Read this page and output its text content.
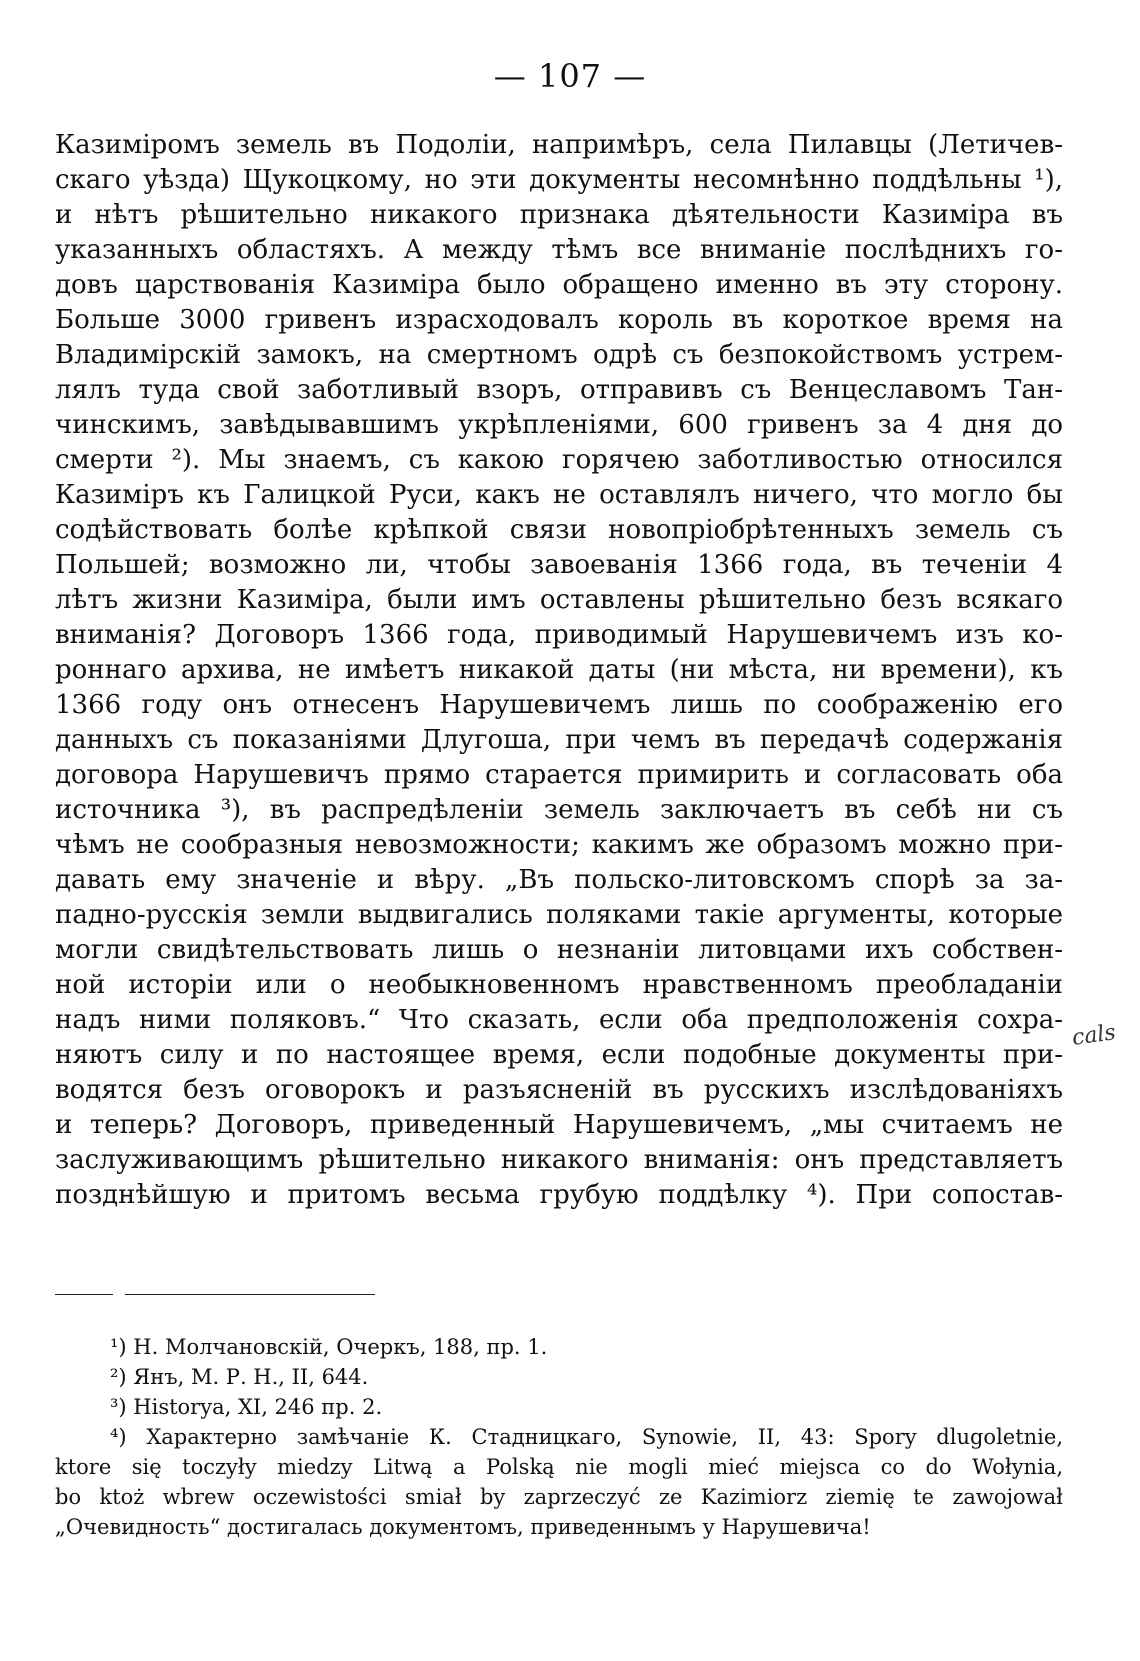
— 107 —
Казиміромъ земель въ Подоліи, напримѣръ, села Пилавцы (Летичев-
скаго уѣзда) Щукоцкому, но эти документы несомнѣнно поддѣльны ¹),
и нѣтъ рѣшительно никакого признака дѣятельности Казиміра въ
указанныхъ областяхъ. А между тѣмъ все вниманіе послѣднихъ го-
довъ царствованія Казиміра было обращено именно въ эту сторону.
Больше 3000 гривенъ израсходовалъ король въ короткое время на
Владимірскій замокъ, на смертномъ одрѣ съ безпокойствомъ устрем-
лялъ туда свой заботливый взоръ, отправивъ съ Венцеславомъ Тан-
чинскимъ, завѣдывавшимъ укрѣпленіями, 600 гривенъ за 4 дня до
смерти ²). Мы знаемъ, съ какою горячею заботливостью относился
Казиміръ къ Галицкой Руси, какъ не оставлялъ ничего, что могло бы
содѣйствовать болѣе крѣпкой связи новопріобрѣтенныхъ земель съ
Польшей; возможно ли, чтобы завоеванія 1366 года, въ теченіи 4
лѣтъ жизни Казиміра, были имъ оставлены рѣшительно безъ всякаго
вниманія? Договоръ 1366 года, приводимый Нарушевичемъ изъ ко-
роннаго архива, не имѣетъ никакой даты (ни мѣста, ни времени), къ
1366 году онъ отнесенъ Нарушевичемъ лишь по соображенію его
данныхъ съ показаніями Длугоша, при чемъ въ передачѣ содержанія
договора Нарушевичъ прямо старается примирить и согласовать оба
источника ³), въ распредѣленіи земель заключаетъ въ себѣ ни съ
чѣмъ не сообразныя невозможности; какимъ же образомъ можно при-
давать ему значеніе и вѣру. „Въ польско-литовскомъ спорѣ за за-
падно-русскія земли выдвигались поляками такіе аргументы, которые
могли свидѣтельствовать лишь о незнаніи литовцами ихъ собствен-
ной исторіи или о необыкновенномъ нравственномъ преобладаніи
надъ ними поляковъ.“ Что сказать, если оба предположенія сохра-
няютъ силу и по настоящее время, если подобные документы при-
водятся безъ оговорокъ и разъясненій въ русскихъ изслѣдованіяхъ
и теперь? Договоръ, приведенный Нарушевичемъ, „мы считаемъ не
заслуживающимъ рѣшительно никакого вниманія: онъ представляетъ
позднѣйшую и притомъ весьма грубую поддѣлку ⁴). При сопостав-
¹) Н. Молчановскій, Очеркъ, 188, пр. 1.
²) Янъ, М. Р. Н., II, 644.
³) Historya, XI, 246 пр. 2.
⁴) Характерно замѣчаніе К. Стадницкаго, Synowie, II, 43: Spory dlugoletnie,
ktore się toczyły miedzy Litwą a Polską nie mogli mieć miejsca co do Wołynia,
bo ktoż wbrew oczewistości smiał by zaprzeczyć ze Kazimiorz ziemię te zawojował
„Очевидность“ достигалась документомъ, приведеннымъ у Нарушевича!
cals
